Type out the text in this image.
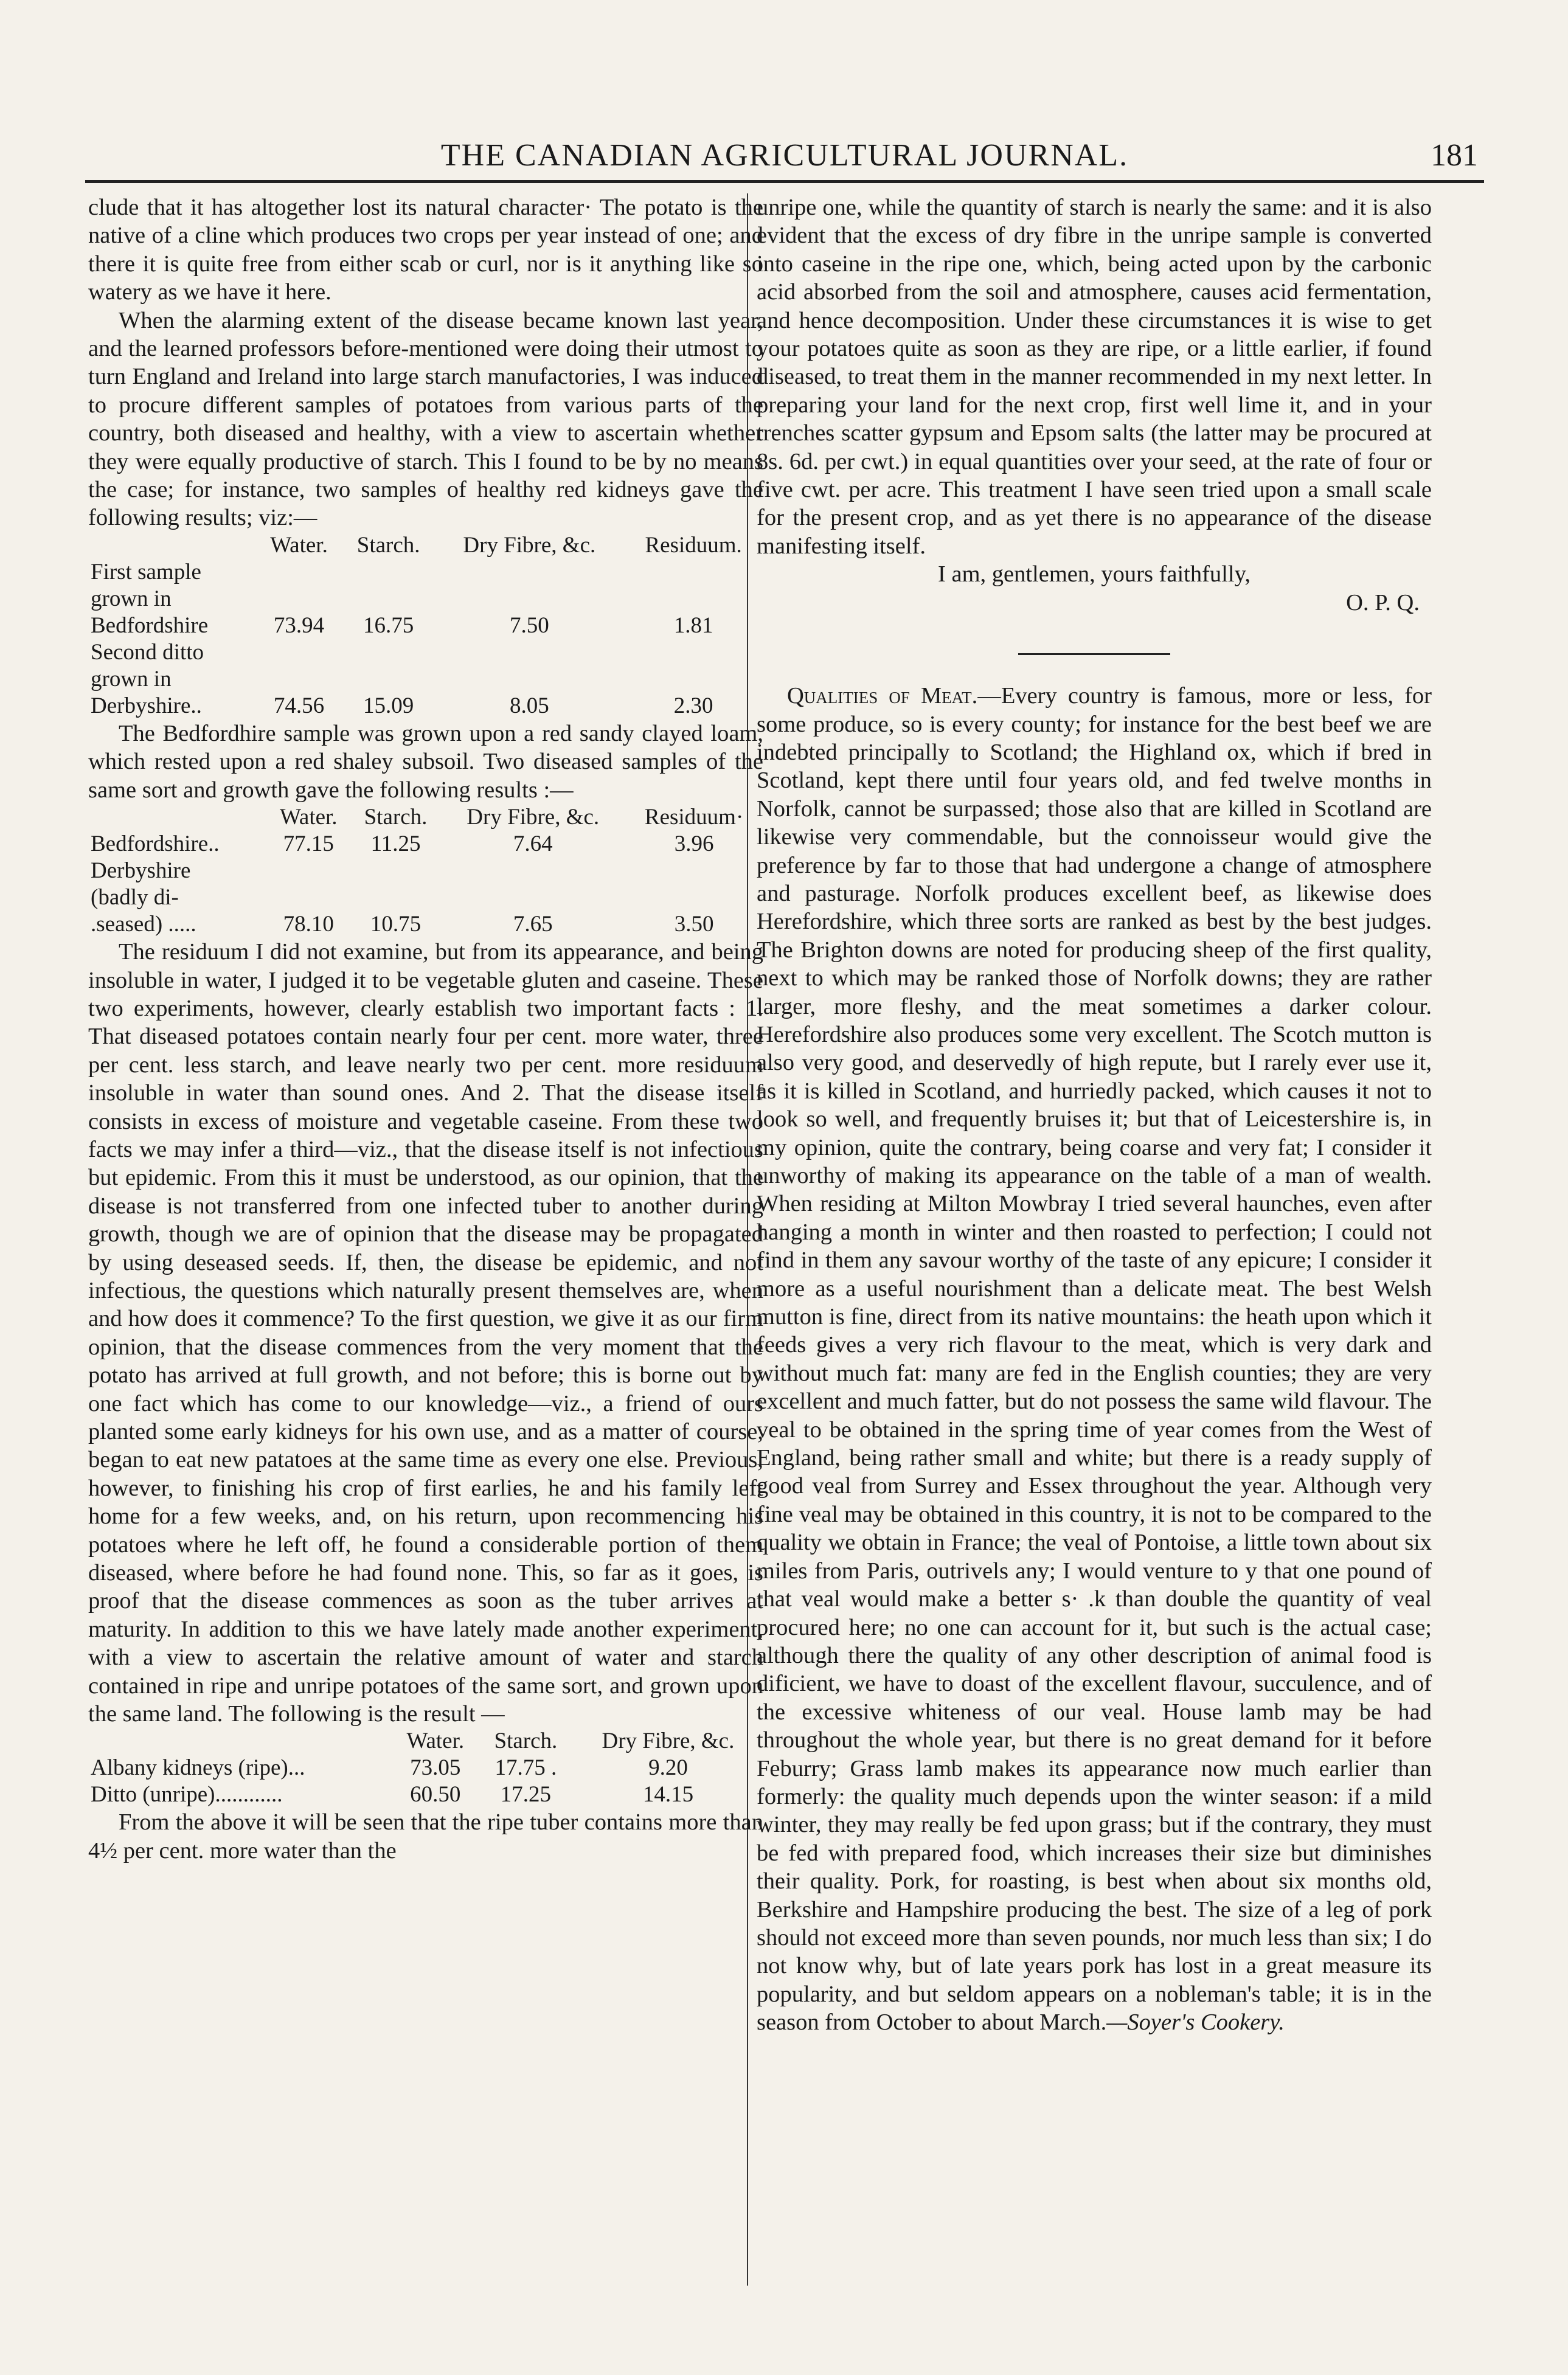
THE CANADIAN AGRICULTURAL JOURNAL.	181

clude that it has altogether lost its natural character· The potato is the native of a cline which produces two crops per year instead of one; and there it is quite free from either scab or curl, nor is it anything like so watery as we have it here.

When the alarming extent of the disease became known last year, and the learned professors before-mentioned were doing their utmost to turn England and Ireland into large starch manufactories, I was induced to procure different samples of potatoes from various parts of the country, both diseased and healthy, with a view to ascertain whether they were equally productive of starch. This I found to be by no means the case; for instance, two samples of healthy red kidneys gave the following results; viz:—

	Water.	Starch.	Dry Fibre, &c.	Residuum.

First sample
grown in
Bedfordshire	73.94	16.75	7.50	1.81

Second ditto
grown in
Derbyshire..	74.56	15.09	8.05	2.30

The Bedfordhire sample was grown upon a red sandy clayed loam, which rested upon a red shaley subsoil. Two diseased samples of the same sort and growth gave the following results :—

	Water.	Starch.	Dry Fibre, &c.	Residuum·

Bedfordshire..	77.15	11.25	7.64	3.96

Derbyshire
(badly di-
.seased) .....	78.10	10.75	7.65	3.50

The residuum I did not examine, but from its appearance, and being insoluble in water, I judged it to be vegetable gluten and caseine. These two experiments, however, clearly establish two important facts : 1. That diseased potatoes contain nearly four per cent. more water, three per cent. less starch, and leave nearly two per cent. more residuum insoluble in water than sound ones. And 2. That the disease itself consists in excess of moisture and vegetable caseine. From these two facts we may infer a third—viz., that the disease itself is not infectious but epidemic. From this it must be understood, as our opinion, that the disease is not transferred from one infected tuber to another during growth, though we are of opinion that the disease may be propagated by using deseased seeds. If, then, the disease be epidemic, and not infectious, the questions which naturally present themselves are, when and how does it commence? To the first question, we give it as our firm opinion, that the disease commences from the very moment that the potato has arrived at full growth, and not before; this is borne out by one fact which has come to our knowledge—viz., a friend of ours planted some early kidneys for his own use, and as a matter of course, began to eat new patatoes at the same time as every one else. Previous, however, to finishing his crop of first earlies, he and his family left home for a few weeks, and, on his return, upon recommencing his potatoes where he left off, he found a considerable portion of them diseased, where before he had found none. This, so far as it goes, is proof that the disease commences as soon as the tuber arrives at maturity. In addition to this we have lately made another experiment, with a view to ascertain the relative amount of water and starch contained in ripe and unripe potatoes of the same sort, and grown upon the same land. The following is the result —

	Water.	Starch.	Dry Fibre, &c.
Albany kidneys (ripe)...	73.05	17.75 .	9.20
Ditto (unripe)............	60.50	17.25	14.15

From the above it will be seen that the ripe tuber contains more than 4½ per cent. more water than the

unripe one, while the quantity of starch is nearly the same: and it is also evident that the excess of dry fibre in the unripe sample is converted into caseine in the ripe one, which, being acted upon by the carbonic acid absorbed from the soil and atmosphere, causes acid fermentation, and hence decomposition. Under these circumstances it is wise to get your potatoes quite as soon as they are ripe, or a little earlier, if found diseased, to treat them in the manner recommended in my next letter. In preparing your land for the next crop, first well lime it, and in your trenches scatter gypsum and Epsom salts (the latter may be procured at 8s. 6d. per cwt.) in equal quantities over your seed, at the rate of four or five cwt. per acre. This treatment I have seen tried upon a small scale for the present crop, and as yet there is no appearance of the disease manifesting itself.

I am, gentlemen, yours faithfully,

O. P. Q.

Qualities of Meat.—Every country is famous, more or less, for some produce, so is every county; for instance for the best beef we are indebted principally to Scotland; the Highland ox, which if bred in Scotland, kept there until four years old, and fed twelve months in Norfolk, cannot be surpassed; those also that are killed in Scotland are likewise very commendable, but the connoisseur would give the preference by far to those that had undergone a change of atmosphere and pasturage. Norfolk produces excellent beef, as likewise does Herefordshire, which three sorts are ranked as best by the best judges. The Brighton downs are noted for producing sheep of the first quality, next to which may be ranked those of Norfolk downs; they are rather larger, more fleshy, and the meat sometimes a darker colour. Herefordshire also produces some very excellent. The Scotch mutton is also very good, and deservedly of high repute, but I rarely ever use it, as it is killed in Scotland, and hurriedly packed, which causes it not to look so well, and frequently bruises it; but that of Leicestershire is, in my opinion, quite the contrary, being coarse and very fat; I consider it unworthy of making its appearance on the table of a man of wealth. When residing at Milton Mowbray I tried several haunches, even after hanging a month in winter and then roasted to perfection; I could not find in them any savour worthy of the taste of any epicure; I consider it more as a useful nourishment than a delicate meat. The best Welsh mutton is fine, direct from its native mountains: the heath upon which it feeds gives a very rich flavour to the meat, which is very dark and without much fat: many are fed in the English counties; they are very excellent and much fatter, but do not possess the same wild flavour. The veal to be obtained in the spring time of year comes from the West of England, being rather small and white; but there is a ready supply of good veal from Surrey and Essex throughout the year. Although very fine veal may be obtained in this country, it is not to be compared to the quality we obtain in France; the veal of Pontoise, a little town about six miles from Paris, outrivels any; I would venture to y that one pound of that veal would make a better s· .k than double the quantity of veal procured here; no one can account for it, but such is the actual case; although there the quality of any other description of animal food is dificient, we have to doast of the excellent flavour, succulence, and of the excessive whiteness of our veal. House lamb may be had throughout the whole year, but there is no great demand for it before Feburry; Grass lamb makes its appearance now much earlier than formerly: the quality much depends upon the winter season: if a mild winter, they may really be fed upon grass; but if the contrary, they must be fed with prepared food, which increases their size but diminishes their quality. Pork, for roasting, is best when about six months old, Berkshire and Hampshire producing the best. The size of a leg of pork should not exceed more than seven pounds, nor much less than six; I do not know why, but of late years pork has lost in a great measure its popularity, and but seldom appears on a nobleman's table; it is in the season from October to about March.—Soyer's Cookery.
